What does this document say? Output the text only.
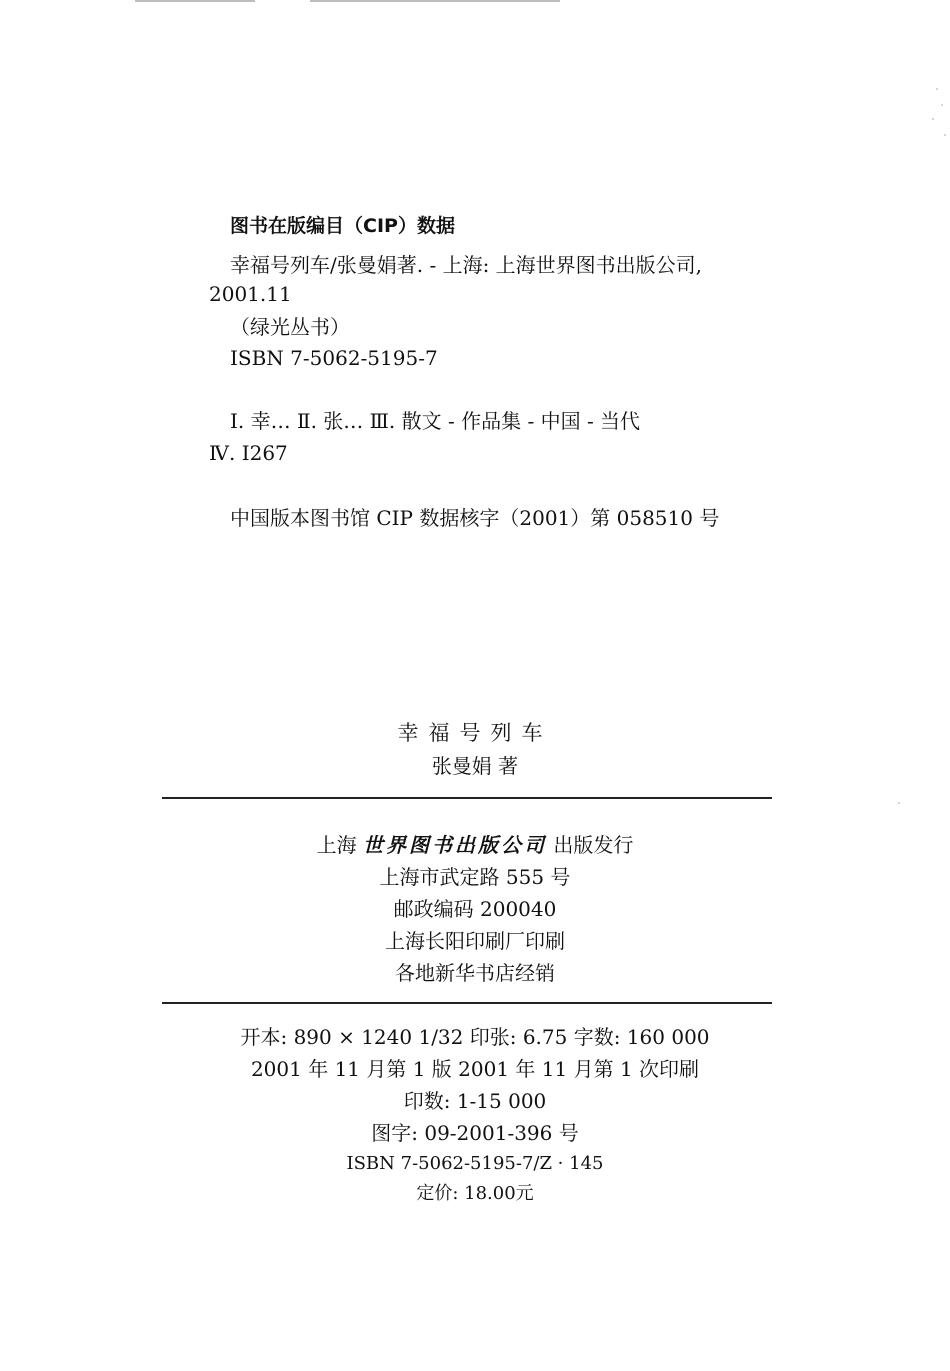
图书在版编目（CIP）数据
幸福号列车/张曼娟著. - 上海: 上海世界图书出版公司,
2001.11
（绿光丛书）
ISBN 7-5062-5195-7
Ⅰ. 幸… Ⅱ. 张… Ⅲ. 散文 - 作品集 - 中国 - 当代
Ⅳ. I267
中国版本图书馆 CIP 数据核字（2001）第 058510 号
幸福号列车
张曼娟 著
上海 世界图书出版公司 出版发行
上海市武定路 555 号
邮政编码 200040
上海长阳印刷厂印刷
各地新华书店经销
开本: 890 × 1240 1/32 印张: 6.75 字数: 160 000
2001 年 11 月第 1 版 2001 年 11 月第 1 次印刷
印数: 1-15 000
图字: 09-2001-396 号
ISBN 7-5062-5195-7/Z · 145
定价: 18.00元
